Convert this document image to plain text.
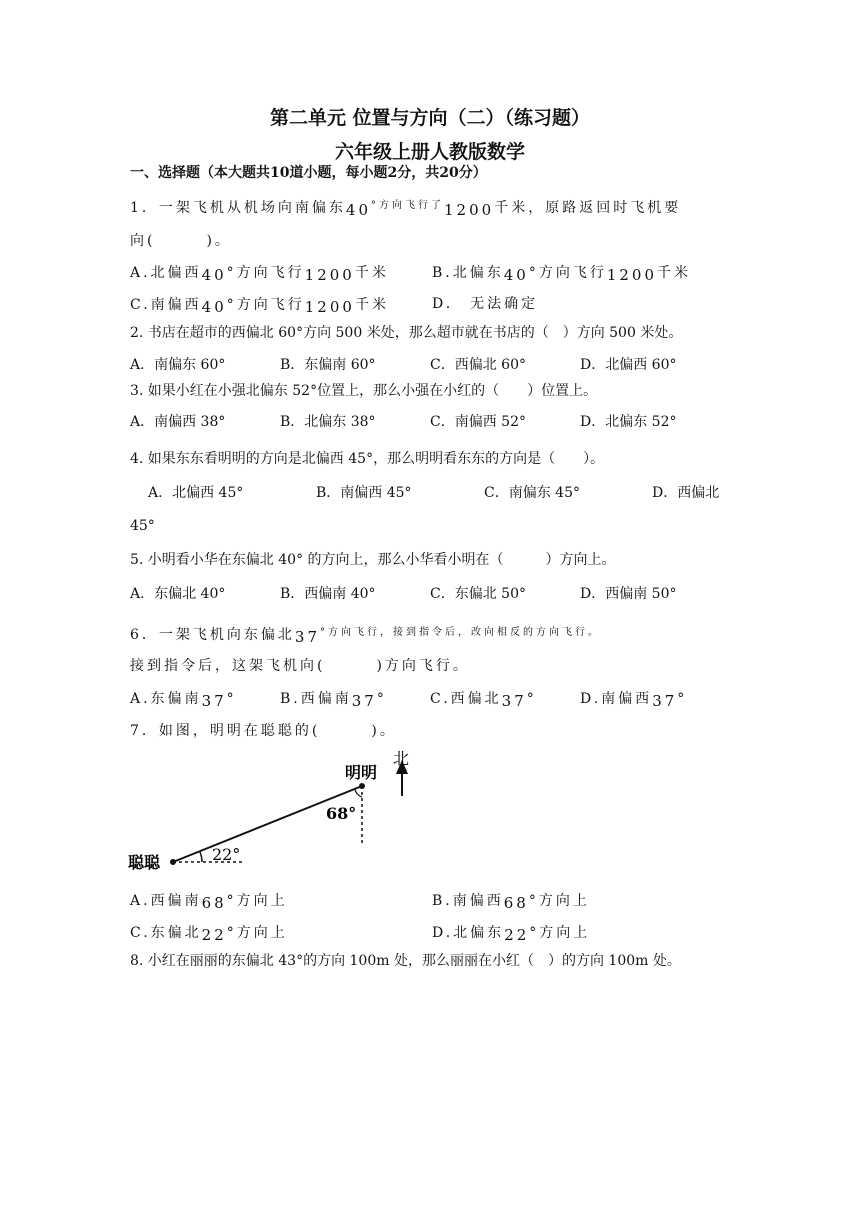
第二单元 位置与方向（二）（练习题）
六年级上册人教版数学
一、选择题（本大题共10道小题，每小题2分，共20分）
1．一架飞机从机场向南偏东$40^{^\circ 方向飞行了}1200$千米，原路返回时飞机要
向(　　　)。
A.北偏西40°方向飞行1200千米	B.北偏东40°方向飞行1200千米
C.南偏西40°方向飞行1200千米	D.　无法确定
2. 书店在超市的西偏北 60°方向 500 米处，那么超市就在书店的（　）方向 500 米处。
A．南偏东 60°	B．东偏南 60°	C．西偏北 60°	D．北偏西 60°
3. 如果小红在小强北偏东 52°位置上，那么小强在小红的（　　）位置上。
A．南偏西 38°	B．北偏东 38°	C．南偏西 52°	D．北偏东 52°
4. 如果东东看明明的方向是北偏西 45°，那么明明看东东的方向是（　　）。
A．北偏西 45°	B．南偏西 45°	C．南偏东 45°	D．西偏北
45°
5. 小明看小华在东偏北 40° 的方向上，那么小华看小明在（　　　）方向上。
A．东偏北 40°	B．西偏南 40°	C．东偏北 50°	D．西偏南 50°
6．一架飞机向东偏北$37^{^\circ 方向飞行,接到指令后,改向相反的方向飞行。}$
接到指令后，这架飞机向(　　　)方向飞行。
A.东偏南37°	B.西偏南37°	C.西偏北37°	D.南偏西37°
7．如图，明明在聪聪的(　　　)。
北
明明
聪聪
68°
22°
A.西偏南68°方向上	B.南偏西68°方向上
C.东偏北22°方向上	D.北偏东22°方向上
8. 小红在丽丽的东偏北 43°的方向 100m 处，那么丽丽在小红（　）的方向 100m 处。
